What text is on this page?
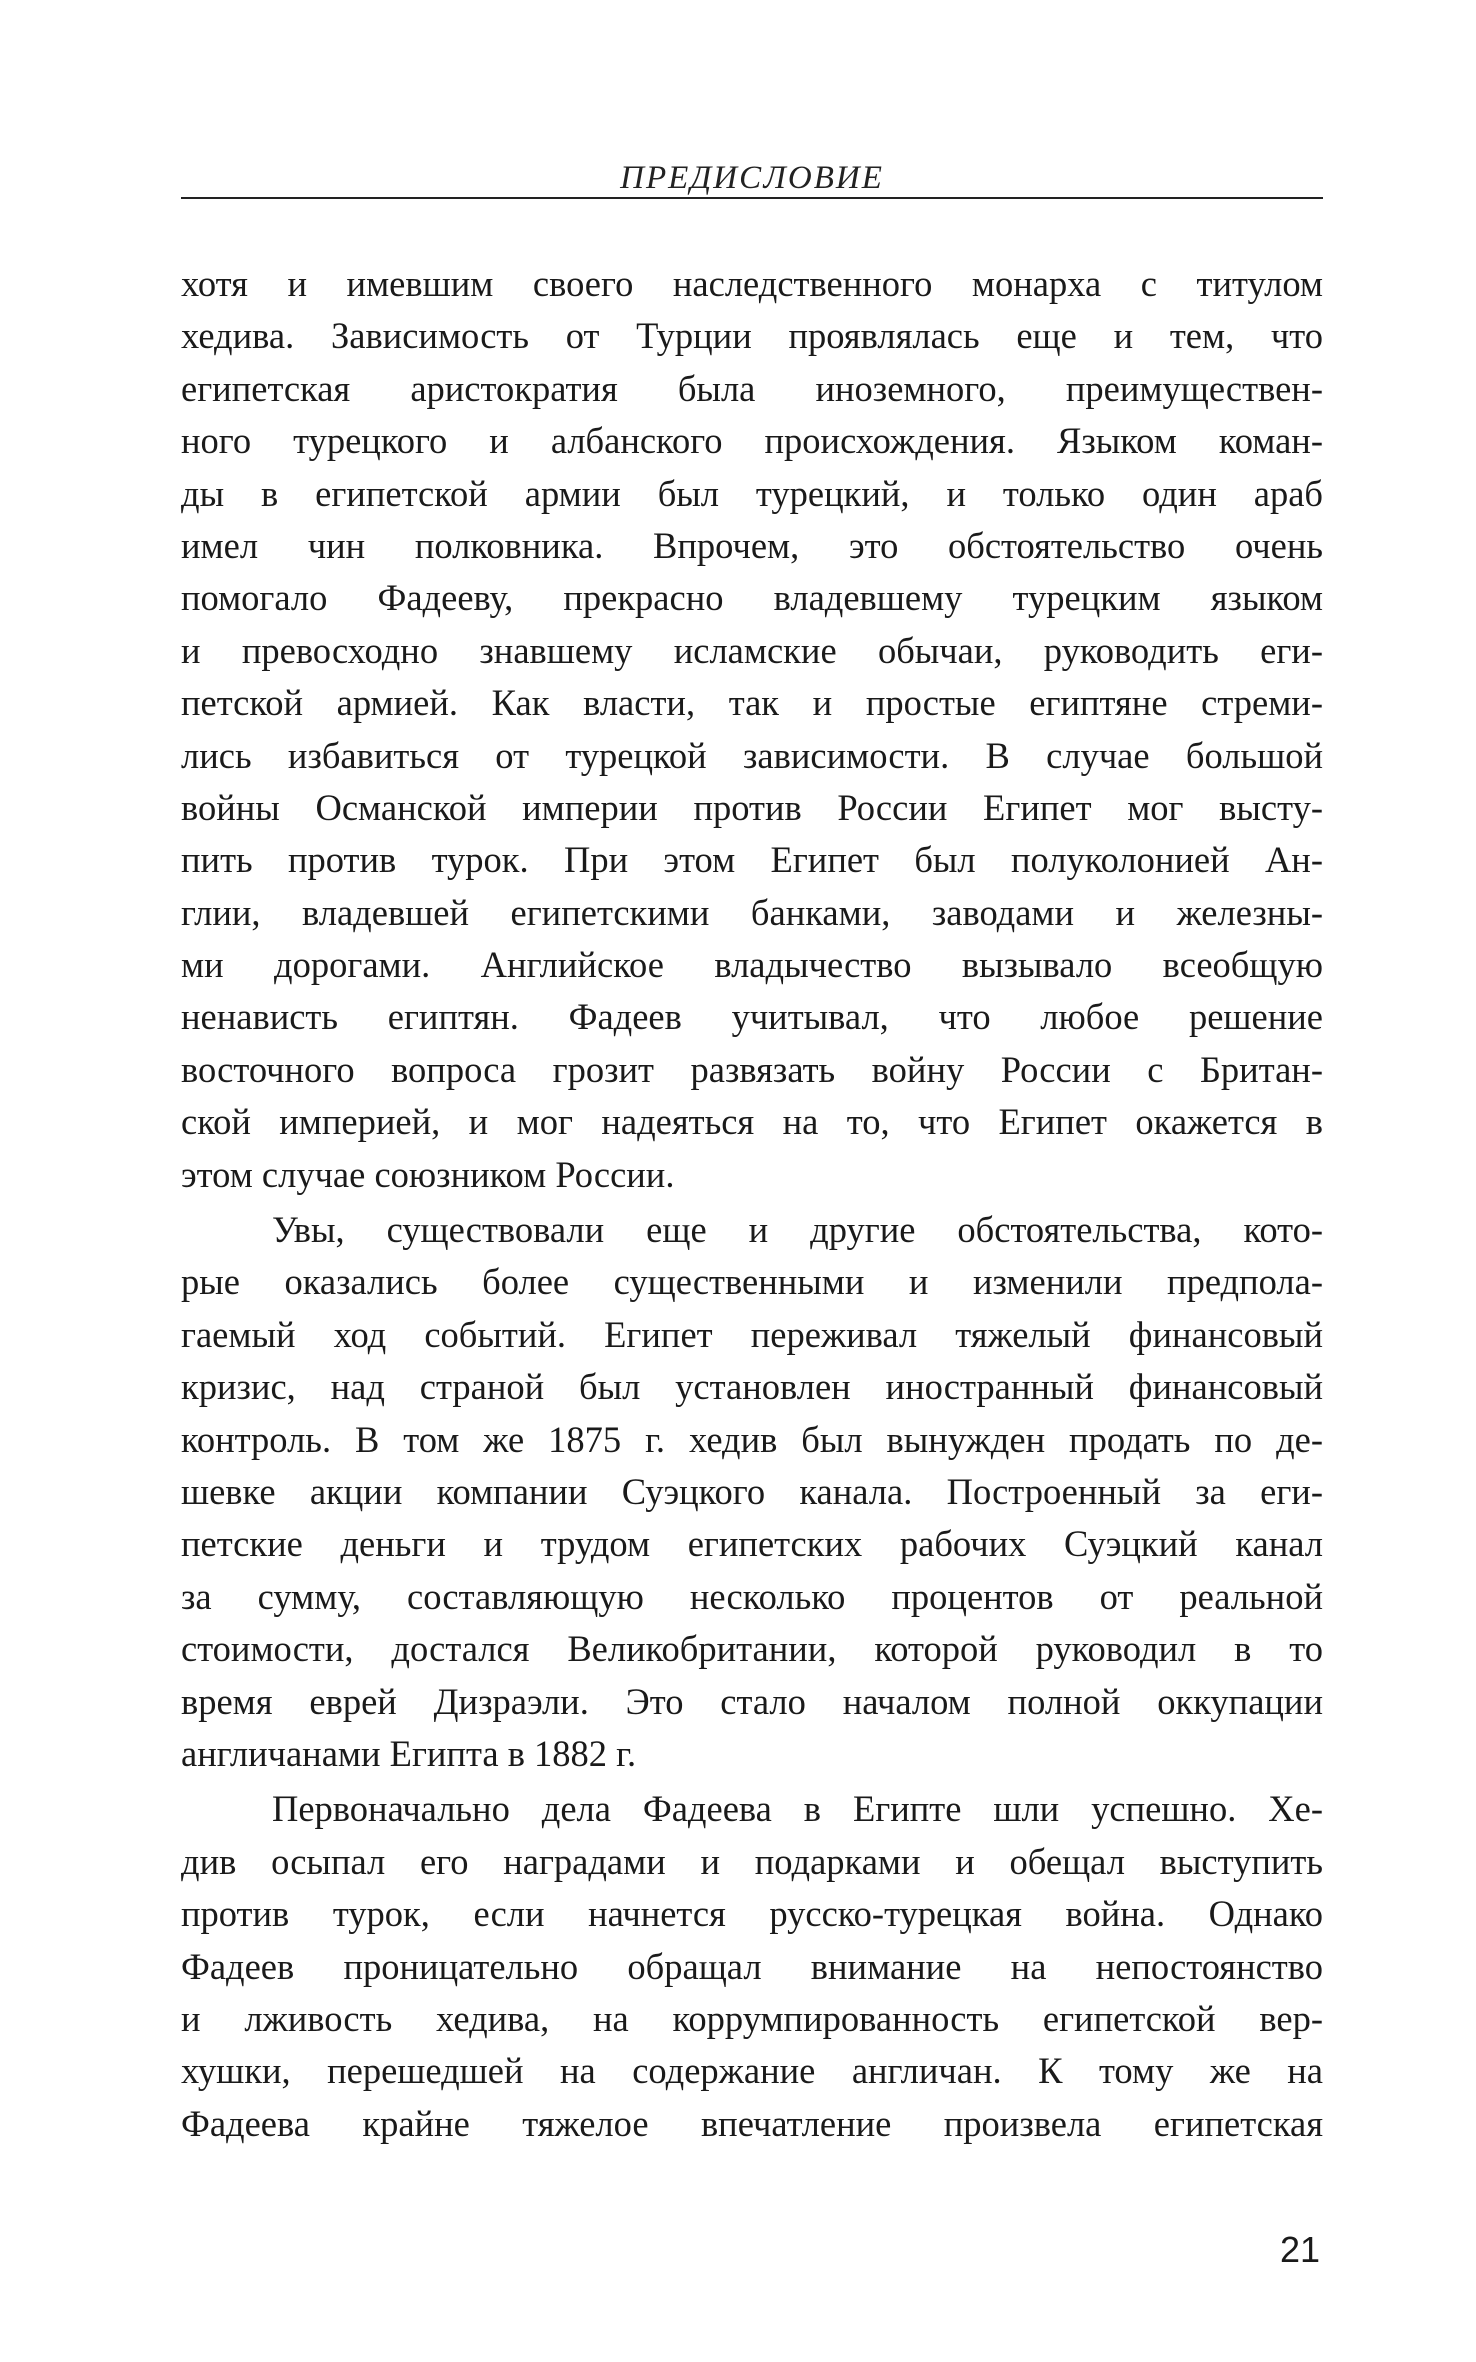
ПРЕДИСЛОВИЕ

хотя и имевшим своего наследственного монарха с титулом
хедива. Зависимость от Турции проявлялась еще и тем, что
египетская аристократия была иноземного, преимуществен-
ного турецкого и албанского происхождения. Языком коман-
ды в египетской армии был турецкий, и только один араб
имел чин полковника. Впрочем, это обстоятельство очень
помогало Фадееву, прекрасно владевшему турецким языком
и превосходно знавшему исламские обычаи, руководить еги-
петской армией. Как власти, так и простые египтяне стреми-
лись избавиться от турецкой зависимости. В случае большой
войны Османской империи против России Египет мог высту-
пить против турок. При этом Египет был полуколонией Ан-
глии, владевшей египетскими банками, заводами и железны-
ми дорогами. Английское владычество вызывало всеобщую
ненависть египтян. Фадеев учитывал, что любое решение
восточного вопроса грозит развязать войну России с Британ-
ской империей, и мог надеяться на то, что Египет окажется в
этом случае союзником России.

Увы, существовали еще и другие обстоятельства, кото-
рые оказались более существенными и изменили предпола-
гаемый ход событий. Египет переживал тяжелый финансовый
кризис, над страной был установлен иностранный финансовый
контроль. В том же 1875 г. хедив был вынужден продать по де-
шевке акции компании Суэцкого канала. Построенный за еги-
петские деньги и трудом египетских рабочих Суэцкий канал
за сумму, составляющую несколько процентов от реальной
стоимости, достался Великобритании, которой руководил в то
время еврей Дизраэли. Это стало началом полной оккупации
англичанами Египта в 1882 г.

Первоначально дела Фадеева в Египте шли успешно. Хе-
див осыпал его наградами и подарками и обещал выступить
против турок, если начнется русско-турецкая война. Однако
Фадеев проницательно обращал внимание на непостоянство
и лживость хедива, на коррумпированность египетской вер-
хушки, перешедшей на содержание англичан. К тому же на
Фадеева крайне тяжелое впечатление произвела египетская

21
